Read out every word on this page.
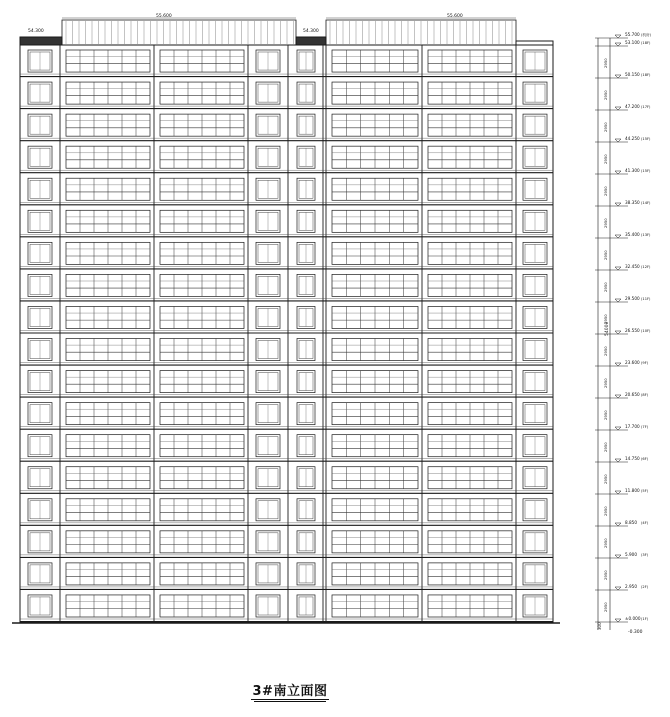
54.300
55.600
54.300
55.600
54000
-0.300
300
55.700 (机房)
53.100 (18F)
2950
50.150 (18F)
2950
47.200 (17F)
2950
44.250 (15F)
2950
41.300 (15F)
2950
38.350 (14F)
2950
35.400 (13F)
2950
32.450 (12F)
2950
29.500 (11F)
2950
26.550 (10F)
2950
23.600 (9F)
2950
20.650 (8F)
2950
17.700 (7F)
2950
14.750 (6F)
2950
11.800 (5F)
2950
8.850 (4F)
2950
5.900 (3F)
2950
2.950 (2F)
2950
±0.000 (1F)
3#南立面图
